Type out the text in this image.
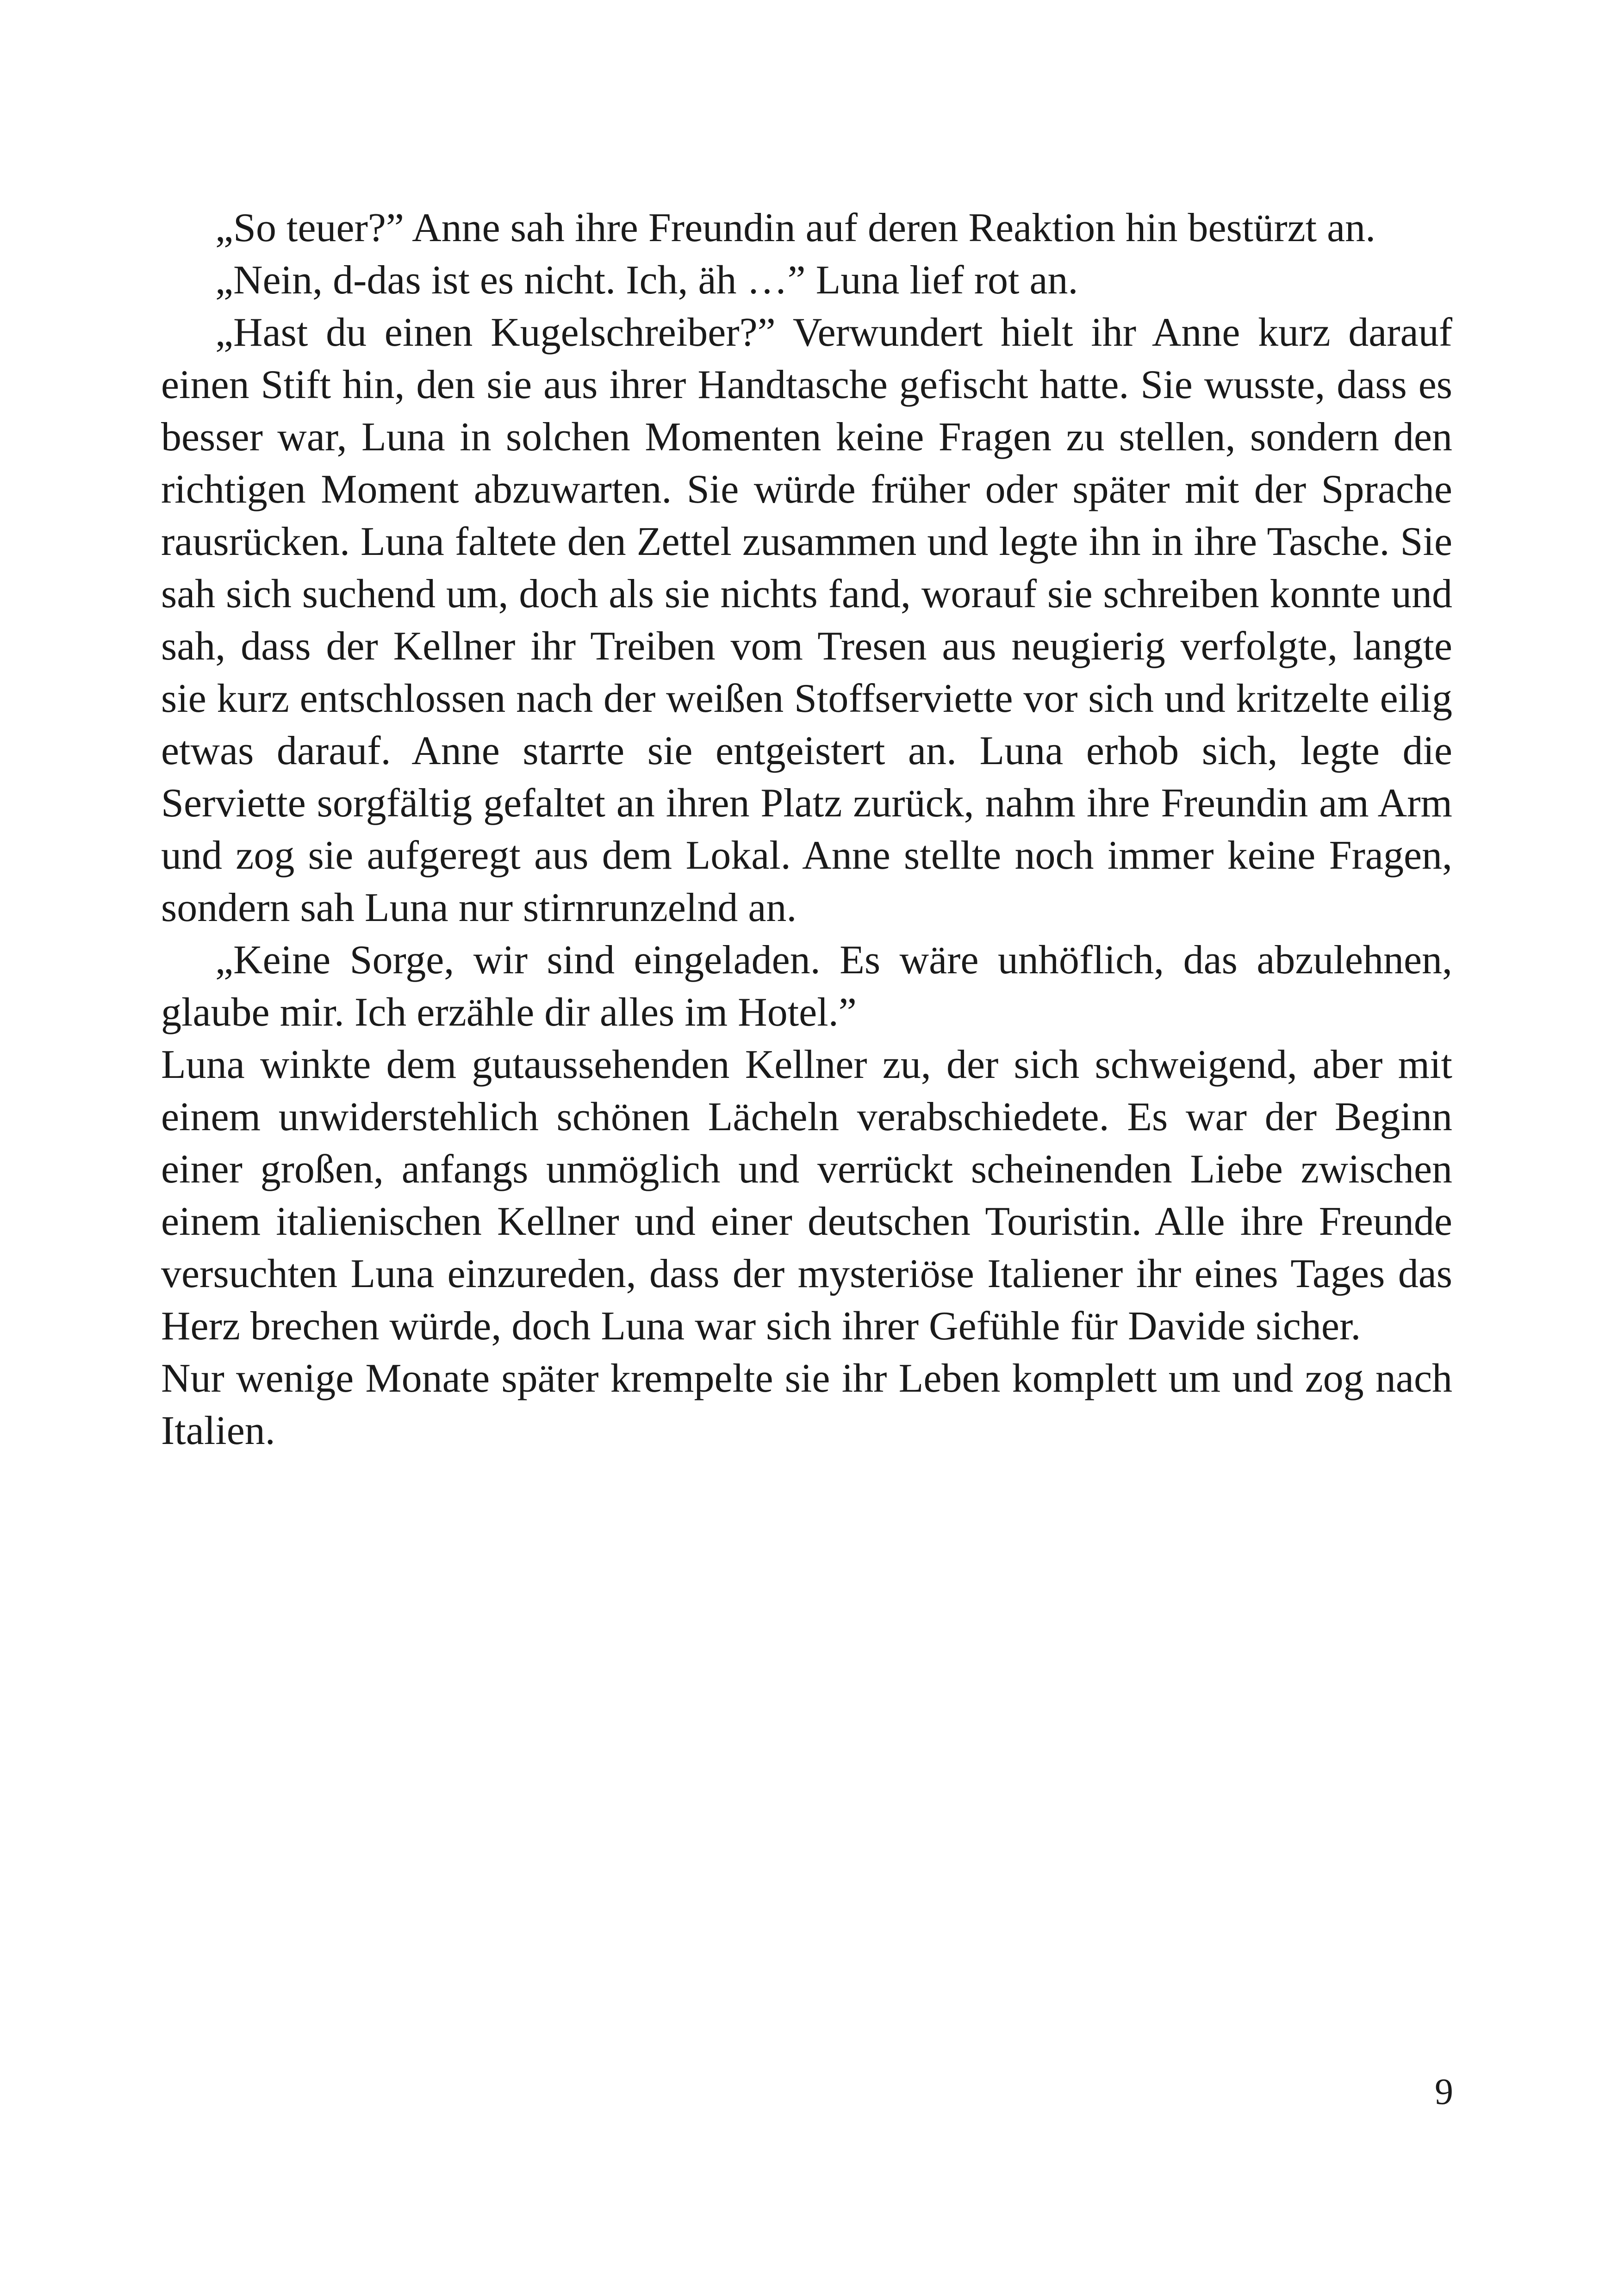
„So teuer?” Anne sah ihre Freundin auf deren Reaktion hin bestürzt an.

„Nein, d-das ist es nicht. Ich, äh …” Luna lief rot an.

„Hast du einen Kugelschreiber?” Verwundert hielt ihr Anne kurz darauf einen Stift hin, den sie aus ihrer Handtasche gefischt hatte. Sie wusste, dass es besser war, Luna in solchen Momenten keine Fragen zu stellen, sondern den richtigen Moment abzuwarten. Sie würde früher oder später mit der Sprache rausrücken. Luna faltete den Zettel zusammen und legte ihn in ihre Tasche. Sie sah sich suchend um, doch als sie nichts fand, worauf sie schreiben konnte und sah, dass der Kellner ihr Treiben vom Tresen aus neugierig verfolgte, langte sie kurz entschlossen nach der weißen Stoffserviette vor sich und kritzelte eilig etwas darauf. Anne starrte sie entgeistert an. Luna erhob sich, legte die Serviette sorgfältig gefaltet an ihren Platz zurück, nahm ihre Freundin am Arm und zog sie aufgeregt aus dem Lokal. Anne stellte noch immer keine Fragen, sondern sah Luna nur stirnrunzelnd an.

„Keine Sorge, wir sind eingeladen. Es wäre unhöflich, das abzulehnen, glaube mir. Ich erzähle dir alles im Hotel.”

Luna winkte dem gutaussehenden Kellner zu, der sich schweigend, aber mit einem unwiderstehlich schönen Lächeln verabschiedete. Es war der Beginn einer großen, anfangs unmöglich und verrückt scheinenden Liebe zwischen einem italienischen Kellner und einer deutschen Touristin. Alle ihre Freunde versuchten Luna einzureden, dass der mysteriöse Italiener ihr eines Tages das Herz brechen würde, doch Luna war sich ihrer Gefühle für Davide sicher.

Nur wenige Monate später krempelte sie ihr Leben komplett um und zog nach Italien.

9
